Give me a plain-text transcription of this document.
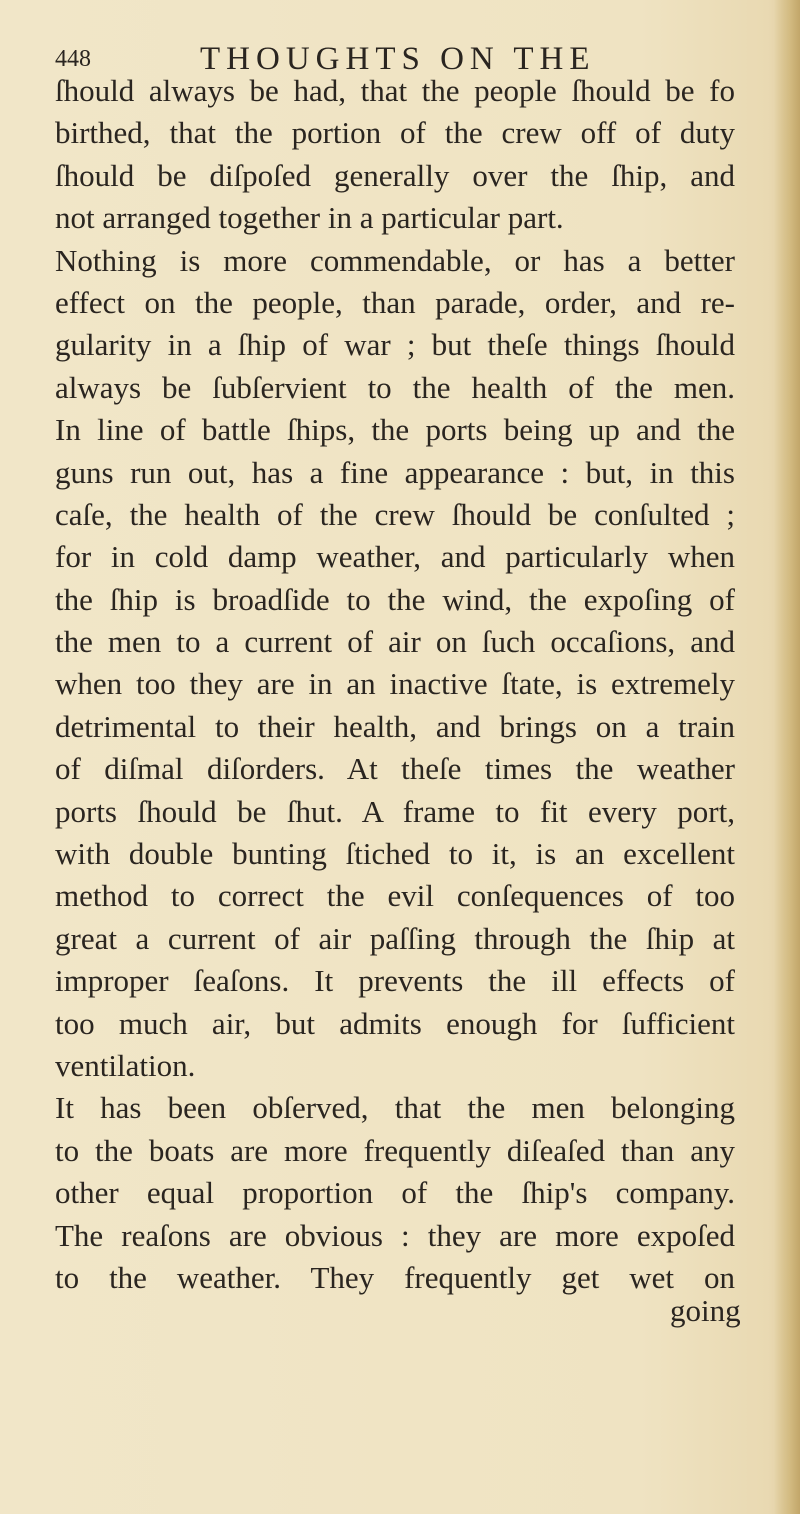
448	THOUGHTS ON THE
ſhould always be had, that the people ſhould be fo
birthed, that the portion of the crew off of duty
ſhould be diſpoſed generally over the ſhip, and
not arranged together in a particular part.
Nothing is more commendable, or has a better
effect on the people, than parade, order, and re-
gularity in a ſhip of war ; but theſe things ſhould
always be ſubſervient to the health of the men.
In line of battle ſhips, the ports being up and the
guns run out, has a fine appearance : but, in this
caſe, the health of the crew ſhould be conſulted ;
for in cold damp weather, and particularly when
the ſhip is broadſide to the wind, the expoſing of
the men to a current of air on ſuch occaſions, and
when too they are in an inactive ſtate, is extremely
detrimental to their health, and brings on a train
of diſmal diſorders. At theſe times the weather
ports ſhould be ſhut. A frame to fit every port,
with double bunting ſtiched to it, is an excellent
method to correct the evil conſequences of too
great a current of air paſſing through the ſhip at
improper ſeaſons. It prevents the ill effects of
too much air, but admits enough for ſufficient
ventilation.
It has been obſerved, that the men belonging
to the boats are more frequently diſeaſed than any
other equal proportion of the ſhip's company.
The reaſons are obvious : they are more expoſed
to the weather. They frequently get wet on
going
